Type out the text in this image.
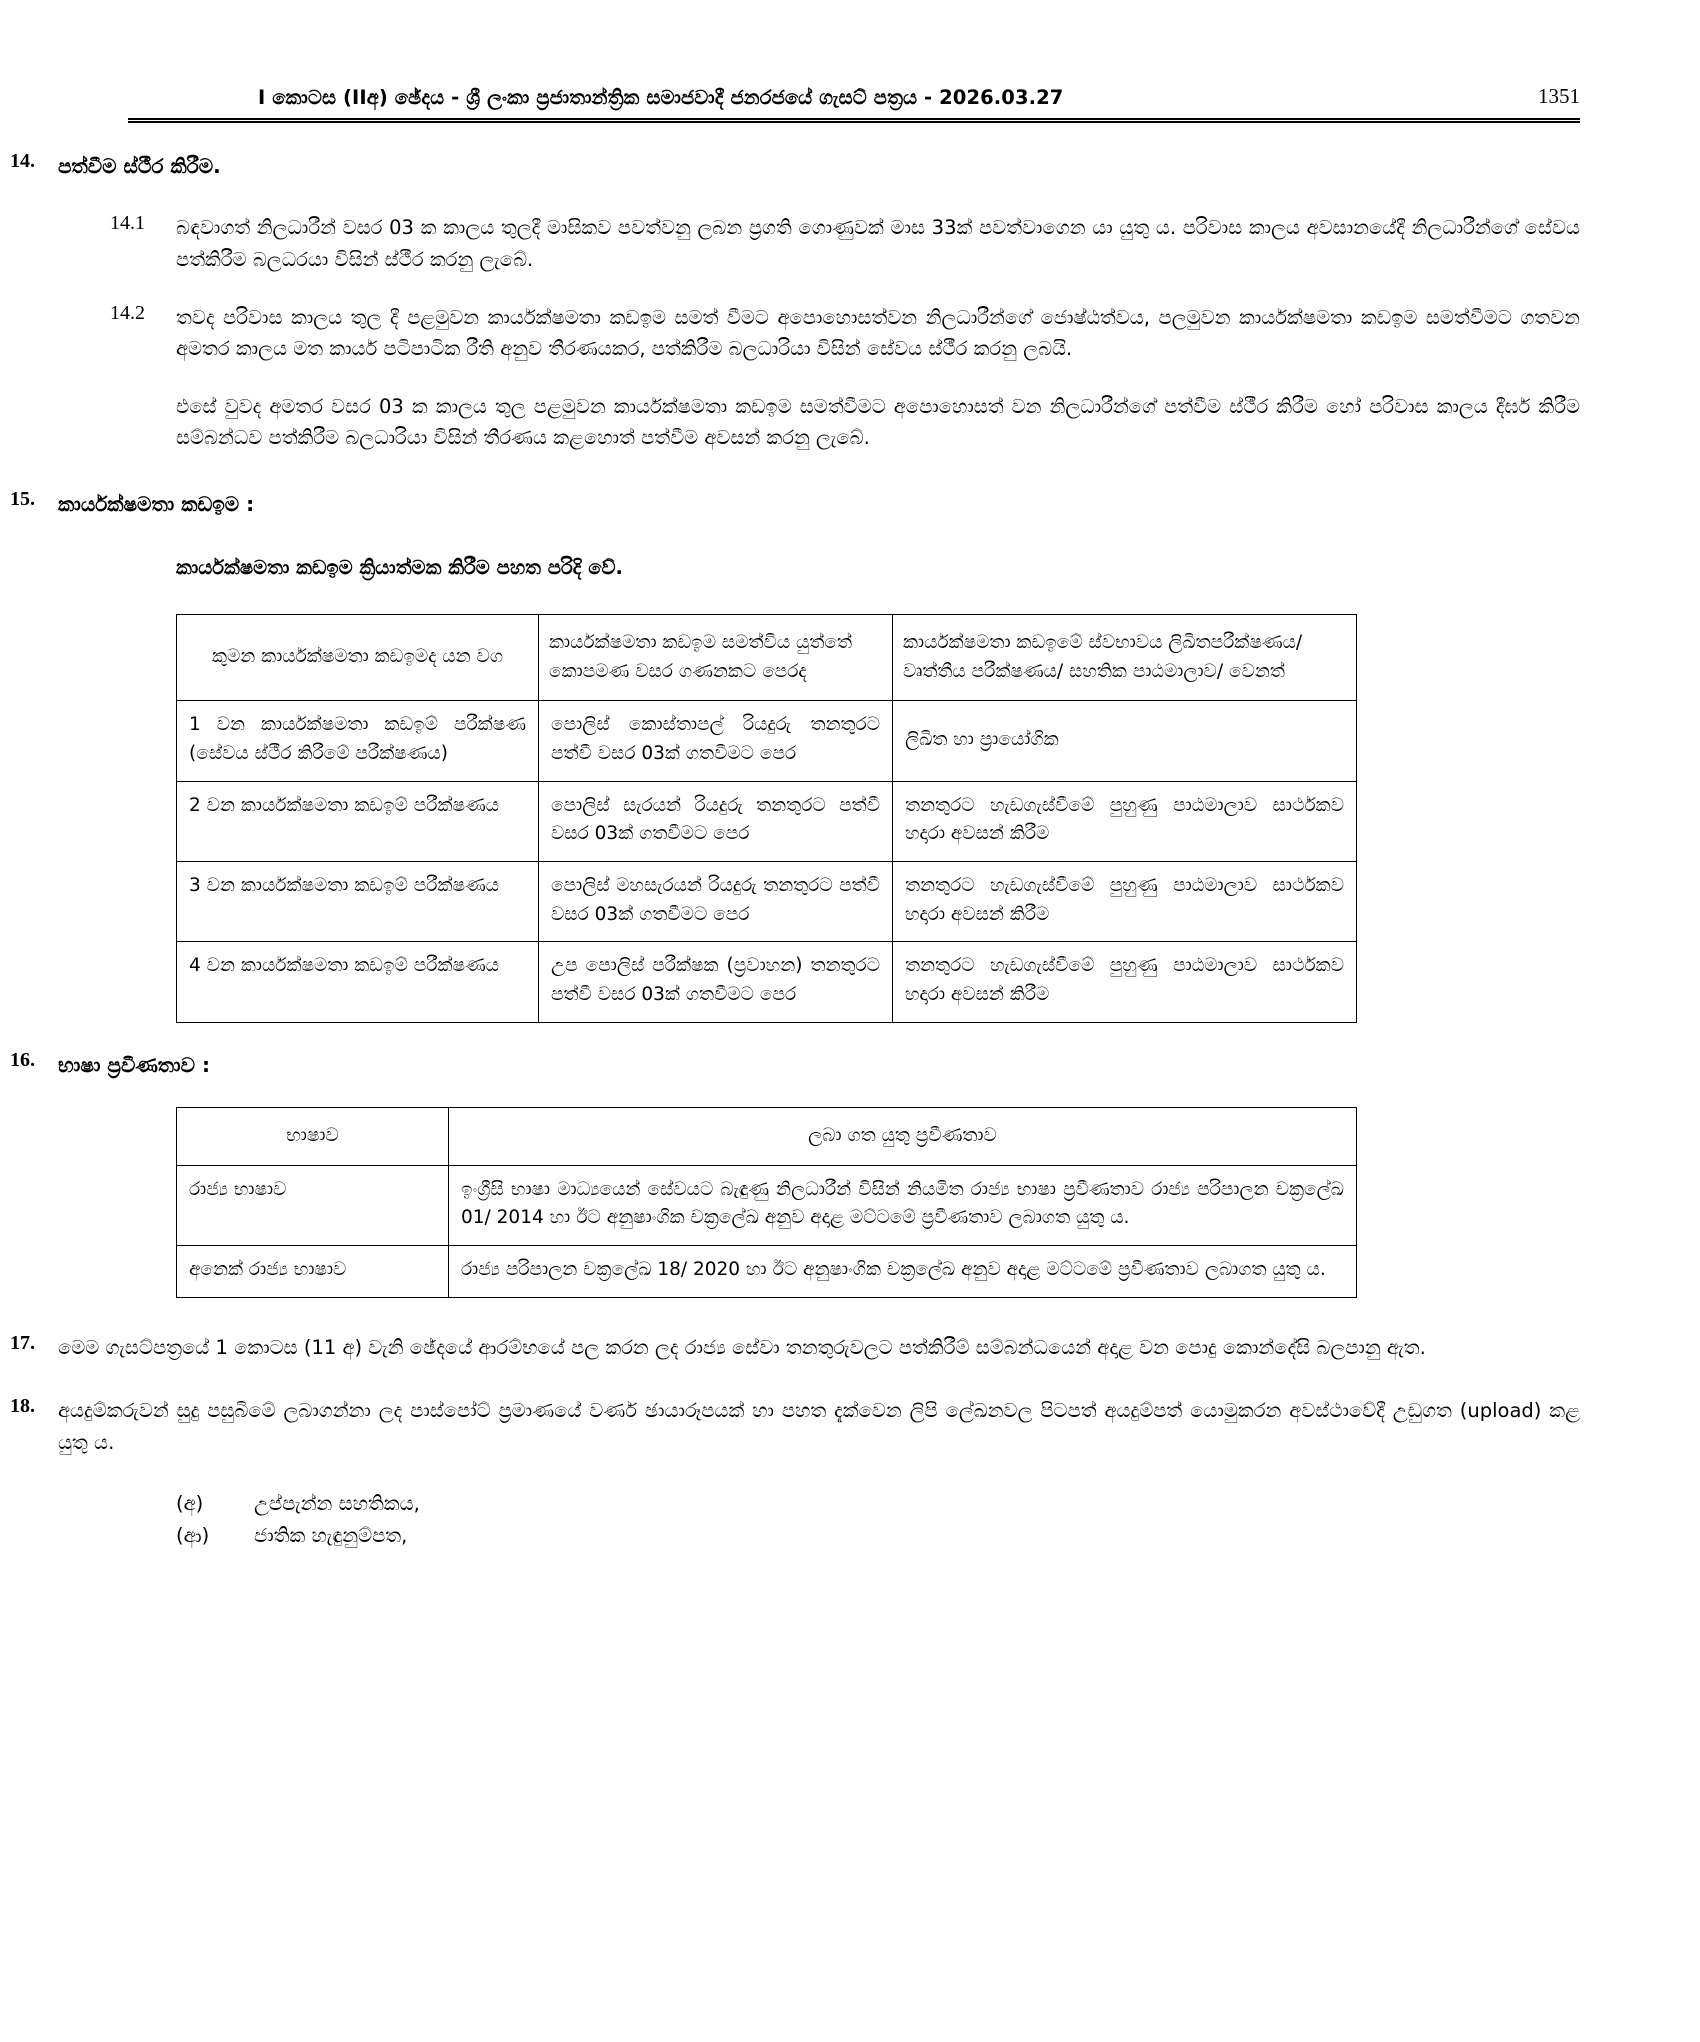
I කොටස (IIඅ) ඡේදය - ශ්‍රී ලංකා ප්‍රජාතාන්ත්‍රික සමාජවාදී ජනරජයේ ගැසට් පත්‍රය - 2026.03.27	1351
14.	පත්වීම ස්ථීර කිරීම.
14.1	බඳවාගත් නිලධාරීන් වසර 03 ක කාලය තුලදී මාසිකව පවත්වනු ලබන ප්‍රගති ගොණුවක් මාස 33ක් පවත්වාගෙන යා යුතු ය. පරිවාස කාලය අවසානයේදී නිලධාරීන්ගේ සේවය පත්කිරීම බලධරයා විසින් ස්ථීර කරනු ලැබේ.
14.2	තවද පරිවාස කාලය තුල දී පළමුවන කාර්යක්ෂමතා කඩඉම සමත් වීමට අපොහොසත්වන නිලධාරීන්ගේ ජොෂ්ඨත්වය, පලමුවන කාර්යක්ෂමතා කඩඉම සමත්වීමට ගතවන අමතර කාලය මත කාර්ය පටිපාටික රීති අනුව තීරණයකර, පත්කිරීම බලධාරියා විසින් සේවය ස්ථීර කරනු ලබයි.
එසේ වුවද අමතර වසර 03 ක කාලය තුල පළමුවන කාර්යක්ෂමතා කඩඉම සමත්වීමට අපොහොසත් වන නිලධාරීන්ගේ පත්වීම ස්ථීර කිරීම හෝ පරිවාස කාලය දීර්ඝ කිරීම සම්බන්ධව පත්කිරීම බලධාරියා විසින් තීරණය කළහොත් පත්වීම අවසන් කරනු ලැබේ.
15.	කාර්යක්ෂමතා කඩඉම :
කාර්යක්ෂමතා කඩඉම ක්‍රියාත්මක කිරීම පහත පරිදි වේ.
කුමන කාර්යක්ෂමතා කඩඉමද යන වග	කාර්යක්ෂමතා කඩඉම සමත්විය යුත්තේ කොපමණ වසර ගණනකට පෙරද	කාර්යක්ෂමතා කඩඉමේ ස්වභාවය ලිඛිතපරීක්ෂණය/ වෘත්තීය පරීක්ෂණය/ සහතික පාඨමාලාව/ වෙනත්
1 වන කාර්යක්ෂමතා කඩඉම් පරීක්ෂණ (සේවය ස්ථීර කිරීමේ පරීක්ෂණය)	පොලිස් කොස්තාපල් රියදුරු තනතුරට පත්වී වසර 03ක් ගතවීමට පෙර	ලිඛිත හා ප්‍රායෝගික
2 වන කාර්යක්ෂමතා කඩඉම් පරීක්ෂණය	පොලිස් සැරයන් රියදුරු තනතුරට පත්වී වසර 03ක් ගතවීමට පෙර	තනතුරට හැඩගැස්වීමේ පුහුණු පාඨමාලාව සාර්ථකව හදාරා අවසන් කිරීම
3 වන කාර්යක්ෂමතා කඩඉම් පරීක්ෂණය	පොලිස් මහසැරයන් රියදුරු තනතුරට පත්වී වසර 03ක් ගතවීමට පෙර	තනතුරට හැඩගැස්වීමේ පුහුණු පාඨමාලාව සාර්ථකව හදාරා අවසන් කිරීම
4 වන කාර්යක්ෂමතා කඩඉම් පරීක්ෂණය	උප පොලිස් පරීක්ෂක (ප්‍රවාහන) තනතුරට පත්වී වසර 03ක් ගතවීමට පෙර	තනතුරට හැඩගැස්වීමේ පුහුණු පාඨමාලාව සාර්ථකව හදාරා අවසන් කිරීම
16.	භාෂා ප්‍රවීණතාව :
භාෂාව	ලබා ගත යුතු ප්‍රවීණතාව
රාජ්‍ය භාෂාව	ඉංග්‍රීසි භාෂා මාධ්‍යයෙන් සේවයට බැඳුණු නිලධාරීන් විසින් නියමිත රාජ්‍ය භාෂා ප්‍රවීණතාව රාජ්‍ය පරිපාලන චක්‍රලේඛ 01/ 2014 හා ඊට අනුෂාංගික චක්‍රලේඛ අනුව අදාළ මට්ටමේ ප්‍රවීණතාව ලබාගත යුතු ය.
අනෙක් රාජ්‍ය භාෂාව	රාජ්‍ය පරිපාලන චක්‍රලේඛ 18/ 2020 හා ඊට අනුෂාංගික චක්‍රලේඛ අනුව අදාළ මට්ටමේ ප්‍රවීණතාව ලබාගත යුතු ය.
17.	මෙම ගැසට්පත්‍රයේ 1 කොටස (11 අ) වැනි ඡේදයේ ආරම්භයේ පල කරන ලද රාජ්‍ය සේවා තනතුරුවලට පත්කිරීම් සම්බන්ධයෙන් අදාළ වන පොදු කොන්දේසි බලපානු ඇත.
18.	අයදුම්කරුවන් සුදු පසුබිමේ ලබාගන්නා ලද පාස්පෝට් ප්‍රමාණයේ වර්ණ ඡායාරූපයක් හා පහත දැක්වෙන ලිපි ලේඛනවල පිටපත් අයදුම්පත් යොමුකරන අවස්ථාවේදී උඩුගත (upload) කළ යුතු ය.
(අ)	උප්පැන්න සහතිකය,
(ආ)	ජාතික හැඳුනුම්පත,
